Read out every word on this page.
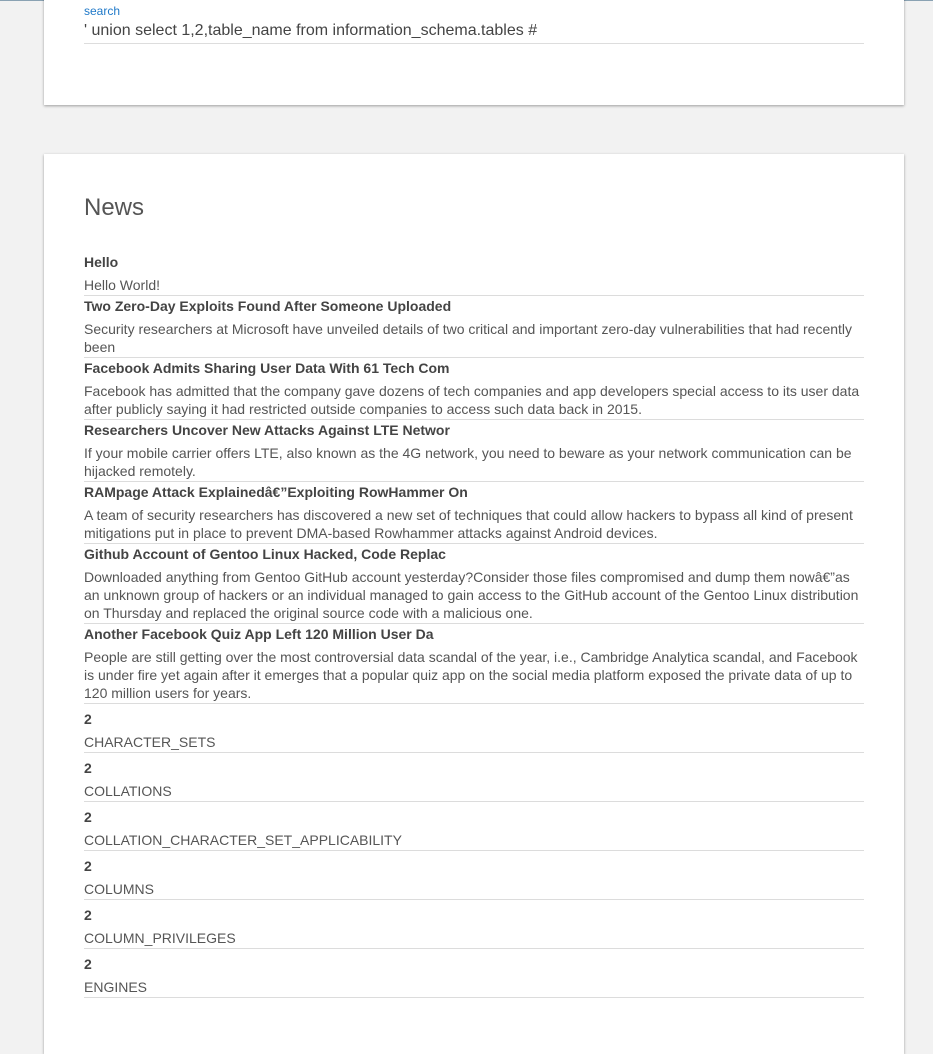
search
' union select 1,2,table_name from information_schema.tables #
News
Hello
Hello World!
Two Zero-Day Exploits Found After Someone Uploaded
Security researchers at Microsoft have unveiled details of two critical and important zero-day vulnerabilities that had recently been
Facebook Admits Sharing User Data With 61 Tech Com
Facebook has admitted that the company gave dozens of tech companies and app developers special access to its user data after publicly saying it had restricted outside companies to access such data back in 2015.
Researchers Uncover New Attacks Against LTE Networ
If your mobile carrier offers LTE, also known as the 4G network, you need to beware as your network communication can be hijacked remotely.
RAMpage Attack Explainedâ€”Exploiting RowHammer On
A team of security researchers has discovered a new set of techniques that could allow hackers to bypass all kind of present mitigations put in place to prevent DMA-based Rowhammer attacks against Android devices.
Github Account of Gentoo Linux Hacked, Code Replac
Downloaded anything from Gentoo GitHub account yesterday?Consider those files compromised and dump them nowâ€”as an unknown group of hackers or an individual managed to gain access to the GitHub account of the Gentoo Linux distribution on Thursday and replaced the original source code with a malicious one.
Another Facebook Quiz App Left 120 Million User Da
People are still getting over the most controversial data scandal of the year, i.e., Cambridge Analytica scandal, and Facebook is under fire yet again after it emerges that a popular quiz app on the social media platform exposed the private data of up to 120 million users for years.
2
CHARACTER_SETS
2
COLLATIONS
2
COLLATION_CHARACTER_SET_APPLICABILITY
2
COLUMNS
2
COLUMN_PRIVILEGES
2
ENGINES
